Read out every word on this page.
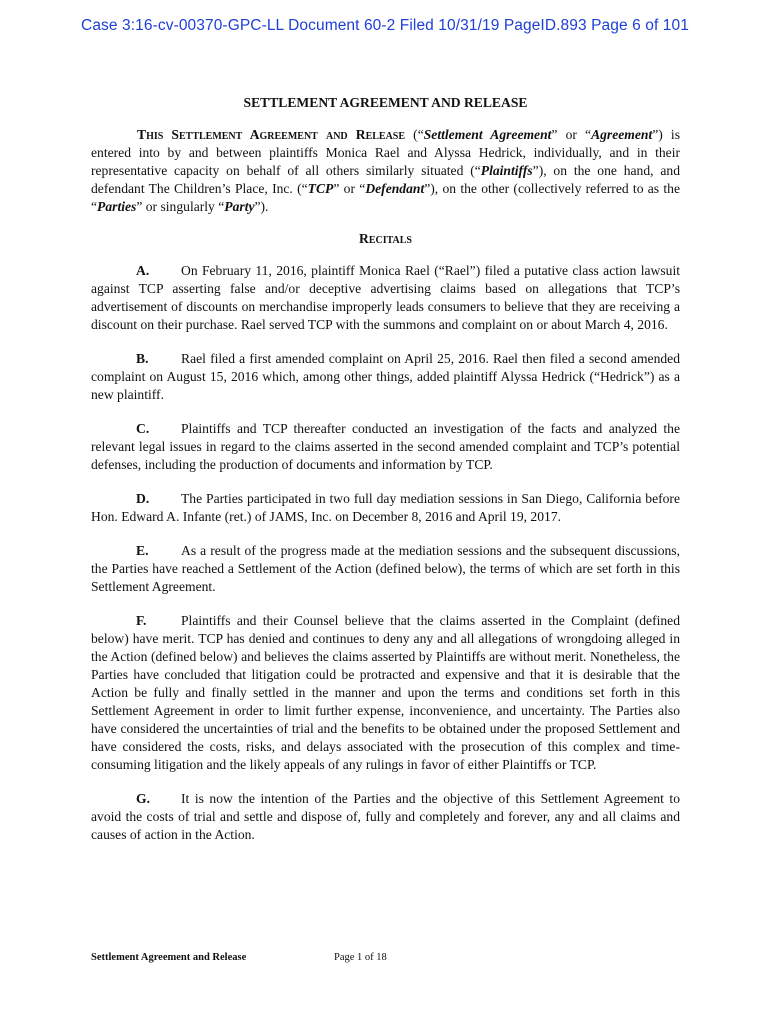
Case 3:16-cv-00370-GPC-LL Document 60-2 Filed 10/31/19 PageID.893 Page 6 of 101
SETTLEMENT AGREEMENT AND RELEASE

This Settlement Agreement and Release (“Settlement Agreement” or “Agreement”) is entered into by and between plaintiffs Monica Rael and Alyssa Hedrick, individually, and in their representative capacity on behalf of all others similarly situated (“Plaintiffs”), on the one hand, and defendant The Children’s Place, Inc. (“TCP” or “Defendant”), on the other (collectively referred to as the “Parties” or singularly “Party”).

Recitals

A. On February 11, 2016, plaintiff Monica Rael (“Rael”) filed a putative class action lawsuit against TCP asserting false and/or deceptive advertising claims based on allegations that TCP’s advertisement of discounts on merchandise improperly leads consumers to believe that they are receiving a discount on their purchase. Rael served TCP with the summons and complaint on or about March 4, 2016.

B. Rael filed a first amended complaint on April 25, 2016. Rael then filed a second amended complaint on August 15, 2016 which, among other things, added plaintiff Alyssa Hedrick (“Hedrick”) as a new plaintiff.

C. Plaintiffs and TCP thereafter conducted an investigation of the facts and analyzed the relevant legal issues in regard to the claims asserted in the second amended complaint and TCP’s potential defenses, including the production of documents and information by TCP.

D. The Parties participated in two full day mediation sessions in San Diego, California before Hon. Edward A. Infante (ret.) of JAMS, Inc. on December 8, 2016 and April 19, 2017.

E. As a result of the progress made at the mediation sessions and the subsequent discussions, the Parties have reached a Settlement of the Action (defined below), the terms of which are set forth in this Settlement Agreement.

F.	Plaintiffs and their Counsel believe that the claims asserted in the Complaint (defined below) have merit. TCP has denied and continues to deny any and all allegations of wrongdoing alleged in the Action (defined below) and believes the claims asserted by Plaintiffs are without merit. Nonetheless, the Parties have concluded that litigation could be protracted and expensive and that it is desirable that the Action be fully and finally settled in the manner and upon the terms and conditions set forth in this Settlement Agreement in order to limit further expense, inconvenience, and uncertainty. The Parties also have considered the uncertainties of trial and the benefits to be obtained under the proposed Settlement and have considered the costs, risks, and delays associated with the prosecution of this complex and time-consuming litigation and the likely appeals of any rulings in favor of either Plaintiffs or TCP.

G. It is now the intention of the Parties and the objective of this Settlement Agreement to avoid the costs of trial and settle and dispose of, fully and completely and forever, any and all claims and causes of action in the Action.

Settlement Agreement and Release	Page 1 of 18
